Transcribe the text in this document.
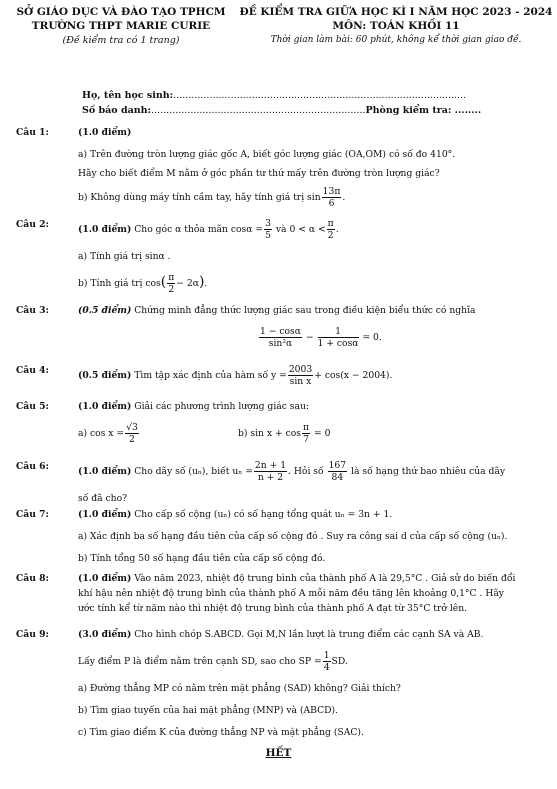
SỞ GIÁO DỤC VÀ ĐÀO TẠO TPHCM
TRƯỜNG THPT MARIE CURIE
(Đề kiểm tra có 1 trang)
ĐỀ KIỂM TRA GIỮA HỌC KÌ I NĂM HỌC 2023 - 2024
MÔN: TOÁN KHỐI 11
Thời gian làm bài: 60 phút, không kể thời gian giao đề.
Họ, tên học sinh:.................................................................................................
Số báo danh:.......................................................................Phòng kiểm tra: ........
Câu 1:	(1.0 điểm)
a) Trên đường tròn lượng giác gốc A, biết góc lượng giác (OA,OM) có số đo 410°.
Hãy cho biết điểm M nằm ở góc phần tư thứ mấy trên đường tròn lượng giác?
b) Không dùng máy tính cầm tay, hãy tính giá trị $\sin \frac{13\pi}{6}$ .
Câu 2:	(1.0 điểm) Cho góc α thỏa mãn $\cos\alpha = \frac{3}{5}$ và $0 < \alpha < \frac{\pi}{2}$ .
a) Tính giá trị sinα .
b) Tính giá trị $\cos( \frac{\pi}{2} - 2\alpha)$.
Câu 3:	(0.5 điểm) Chứng minh đẳng thức lượng giác sau trong điều kiện biểu thức có nghĩa
$\frac{1 - \cos\alpha}{\text{sin²α}} - \frac{1}{1 + \cos\alpha} = 0$.
Câu 4:	(0.5 điểm) Tìm tập xác định của hàm số $y = \frac{2003}{\text{sin x}} + \cos(x - 2004)$.
Câu 5:	(1.0 điểm) Giải các phương trình lượng giác sau:
a) $\cos x = \frac{√3}{2}$	b) $\sin x + \cos \frac{\pi}{7} = 0$
Câu 6:	(1.0 điểm) Cho dãy số (uₙ), biết $u_n = \frac{2n + 1}{n + 2}$ . Hỏi số $\frac{167}{84}$ là số hạng thứ bao nhiêu của dãy
số đã cho?
Câu 7:	(1.0 điểm) Cho cấp số cộng (uₙ) có số hạng tổng quát uₙ = 3n + 1.
a) Xác định ba số hạng đầu tiên của cấp số cộng đó . Suy ra công sai d của cấp số cộng (uₙ).
b) Tính tổng 50 số hạng đầu tiên của cấp số cộng đó.
Câu 8:	(1.0 điểm) Vào năm 2023, nhiệt độ trung bình của thành phố A là 29,5°C . Giả sử do biến đổi
khí hậu nên nhiệt độ trung bình của thành phố A mỗi năm đều tăng lên khoảng 0,1°C . Hãy
ước tính kể từ năm nào thì nhiệt độ trung bình của thành phố A đạt từ 35°C trở lên.
Câu 9:	(3.0 điểm) Cho hình chóp S.ABCD. Gọi M,N lần lượt là trung điểm các cạnh SA và AB.
Lấy điểm P là điểm nằm trên cạnh SD, sao cho SP = $\frac{1}{4}$ SD.
a) Đường thẳng MP có nằm trên mặt phẳng (SAD) không? Giải thích?
b) Tìm giao tuyến của hai mặt phẳng (MNP) và (ABCD).
c) Tìm giao điểm K của đường thẳng NP và mặt phẳng (SAC).
HẾT
